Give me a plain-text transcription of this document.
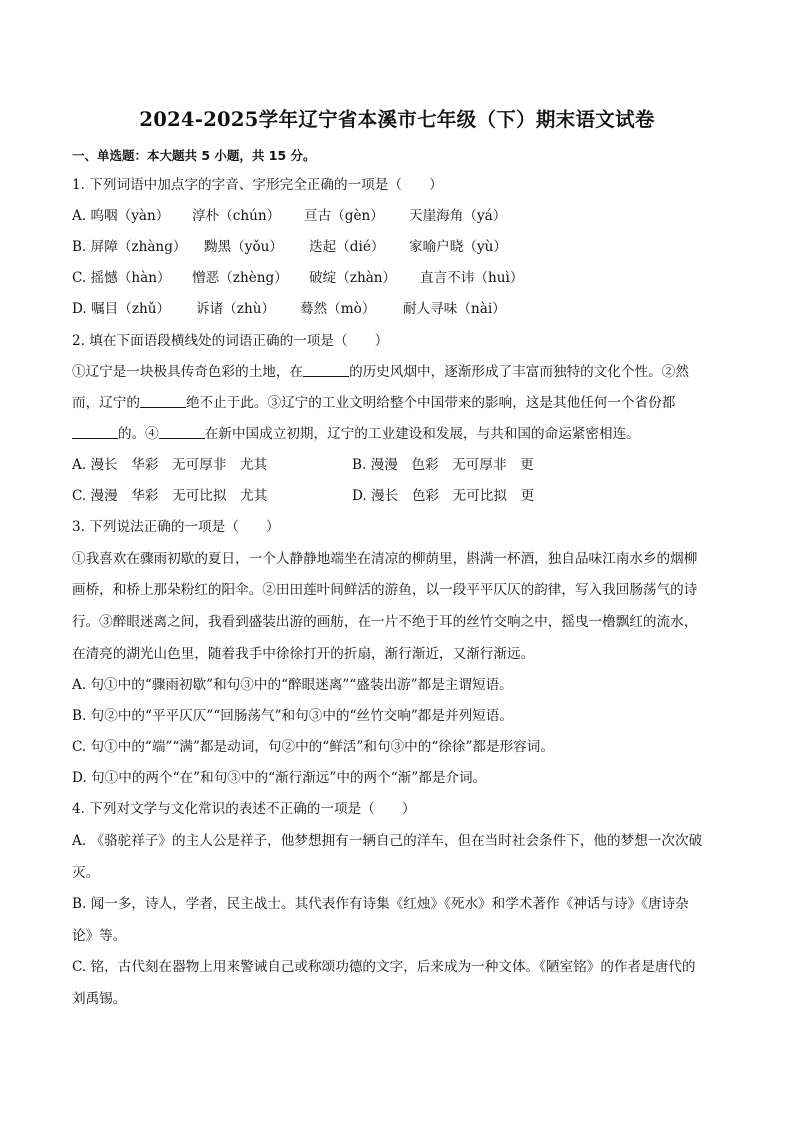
2024-2025学年辽宁省本溪市七年级（下）期末语文试卷
一、单选题：本大题共 5 小题，共 15 分。
1. 下列词语中加点字的字音、字形完全正确的一项是（　　）
A. 呜咽（yàn） 淳朴（chún） 亘古（gèn） 天崖海角（yá）
B. 屏障（zhàng） 黝黑（yǒu） 迭起（dié） 家喻户晓（yù）
C. 摇憾（hàn） 憎恶（zhèng） 破绽（zhàn） 直言不讳（huì）
D. 嘱目（zhǔ） 诉诸（zhù） 蓦然（mò） 耐人寻味（nài）
2. 填在下面语段横线处的词语正确的一项是（　　）
①辽宁是一块极具传奇色彩的土地，在	的历史风烟中，逐渐形成了丰富而独特的文化个性。②然
而，辽宁的	绝不止于此。③辽宁的工业文明给整个中国带来的影响，这是其他任何一个省份都
的。④	在新中国成立初期，辽宁的工业建设和发展，与共和国的命运紧密相连。
A. 漫长　华彩　无可厚非　尤其	B. 漫漫　色彩　无可厚非　更
C. 漫漫　华彩　无可比拟　尤其	D. 漫长　色彩　无可比拟　更
3. 下列说法正确的一项是（　　）
①我喜欢在骤雨初歇的夏日，一个人静静地端坐在清凉的柳荫里，斟满一杯酒，独自品味江南水乡的烟柳
画桥，和桥上那朵粉红的阳伞。②田田莲叶间鲜活的游鱼，以一段平平仄仄的韵律，写入我回肠荡气的诗
行。③醉眼迷离之间，我看到盛装出游的画舫，在一片不绝于耳的丝竹交响之中，摇曳一橹飘红的流水，
在清亮的湖光山色里，随着我手中徐徐打开的折扇，渐行渐近，又渐行渐远。
A. 句①中的“骤雨初歇”和句③中的“醉眼迷离”“盛装出游”都是主谓短语。
B. 句②中的“平平仄仄”“回肠荡气”和句③中的“丝竹交响”都是并列短语。
C. 句①中的“端”“满”都是动词，句②中的“鲜活”和句③中的“徐徐”都是形容词。
D. 句①中的两个“在”和句③中的“渐行渐远”中的两个“渐”都是介词。
4. 下列对文学与文化常识的表述不正确的一项是（　　）
A. 《骆驼祥子》的主人公是祥子，他梦想拥有一辆自己的洋车，但在当时社会条件下，他的梦想一次次破
灭。
B. 闻一多，诗人，学者，民主战士。其代表作有诗集《红烛》《死水》和学术著作《神话与诗》《唐诗杂
论》等。
C. 铭，古代刻在器物上用来警诫自己或称颂功德的文字，后来成为一种文体。《陋室铭》的作者是唐代的
刘禹锡。
